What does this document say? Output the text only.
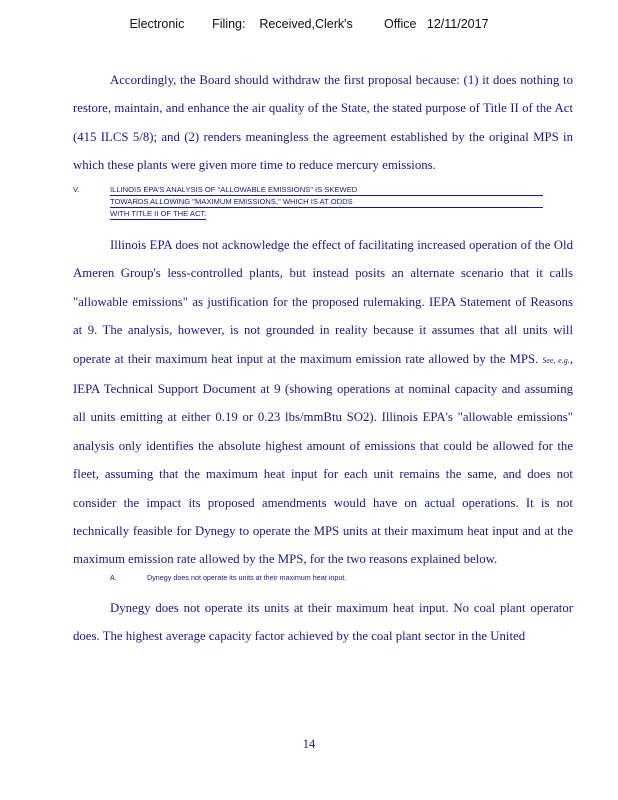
Electronic Filing: Received,Clerk's	Office 12/11/2017

Accordingly, the Board should withdraw the first proposal because: (1) it does nothing to restore, maintain, and enhance the air quality of the State, the stated purpose of Title II of the Act (415 ILCS 5/8); and (2) renders meaningless the agreement established by the original MPS in which these plants were given more time to reduce mercury emissions.

V.	ILLINOIS EPA'S ANALYSIS OF "ALLOWABLE EMISSIONS" IS SKEWED
TOWARDS ALLOWING "MAXIMUM EMISSIONS," WHICH IS AT ODDS
WITH TITLE II OF THE ACT.

Illinois EPA does not acknowledge the effect of facilitating increased operation of the Old Ameren Group's less-controlled plants, but instead posits an alternate scenario that it calls "allowable emissions" as justification for the proposed rulemaking. IEPA Statement of Reasons at 9. The analysis, however, is not grounded in reality because it assumes that all units will operate at their maximum heat input at the maximum emission rate allowed by the MPS. See, e.g., IEPA Technical Support Document at 9 (showing operations at nominal capacity and assuming all units emitting at either 0.19 or 0.23 lbs/mmBtu SO2). Illinois EPA's "allowable emissions" analysis only identifies the absolute highest amount of emissions that could be allowed for the fleet, assuming that the maximum heat input for each unit remains the same, and does not consider the impact its proposed amendments would have on actual operations. It is not technically feasible for Dynegy to operate the MPS units at their maximum heat input and at the maximum emission rate allowed by the MPS, for the two reasons explained below.

A.	Dynegy does not operate its units at their maximum heat input.

Dynegy does not operate its units at their maximum heat input. No coal plant operator does. The highest average capacity factor achieved by the coal plant sector in the United

14
